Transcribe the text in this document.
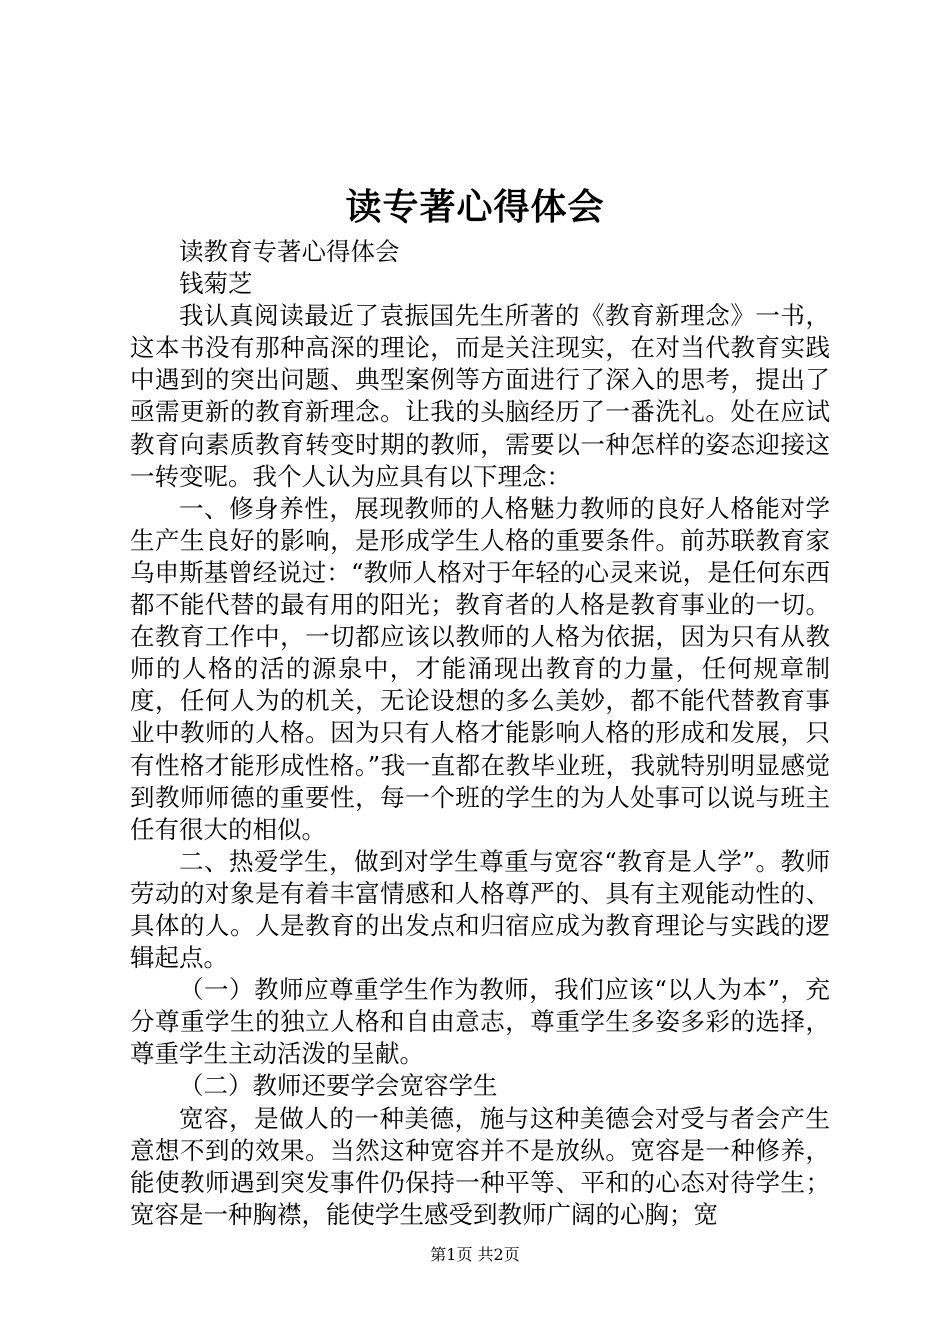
读专著心得体会

读教育专著心得体会

钱菊芝

我认真阅读最近了袁振国先生所著的《教育新理念》一书，这本书没有那种高深的理论，而是关注现实，在对当代教育实践中遇到的突出问题、典型案例等方面进行了深入的思考，提出了亟需更新的教育新理念。让我的头脑经历了一番洗礼。处在应试教育向素质教育转变时期的教师，需要以一种怎样的姿态迎接这一转变呢。我个人认为应具有以下理念：

一、修身养性，展现教师的人格魅力教师的良好人格能对学生产生良好的影响，是形成学生人格的重要条件。前苏联教育家乌申斯基曾经说过：“教师人格对于年轻的心灵来说，是任何东西都不能代替的最有用的阳光；教育者的人格是教育事业的一切。在教育工作中，一切都应该以教师的人格为依据，因为只有从教师的人格的活的源泉中，才能涌现出教育的力量，任何规章制度，任何人为的机关，无论设想的多么美妙，都不能代替教育事业中教师的人格。因为只有人格才能影响人格的形成和发展，只有性格才能形成性格。”我一直都在教毕业班，我就特别明显感觉到教师师德的重要性，每一个班的学生的为人处事可以说与班主任有很大的相似。

二、热爱学生，做到对学生尊重与宽容“教育是人学”。教师劳动的对象是有着丰富情感和人格尊严的、具有主观能动性的、具体的人。人是教育的出发点和归宿应成为教育理论与实践的逻辑起点。

（一）教师应尊重学生作为教师，我们应该“以人为本”，充分尊重学生的独立人格和自由意志，尊重学生多姿多彩的选择，尊重学生主动活泼的呈献。

（二）教师还要学会宽容学生

宽容，是做人的一种美德，施与这种美德会对受与者会产生意想不到的效果。当然这种宽容并不是放纵。宽容是一种修养，能使教师遇到突发事件仍保持一种平等、平和的心态对待学生；宽容是一种胸襟，能使学生感受到教师广阔的心胸；宽

第1页 共2页
